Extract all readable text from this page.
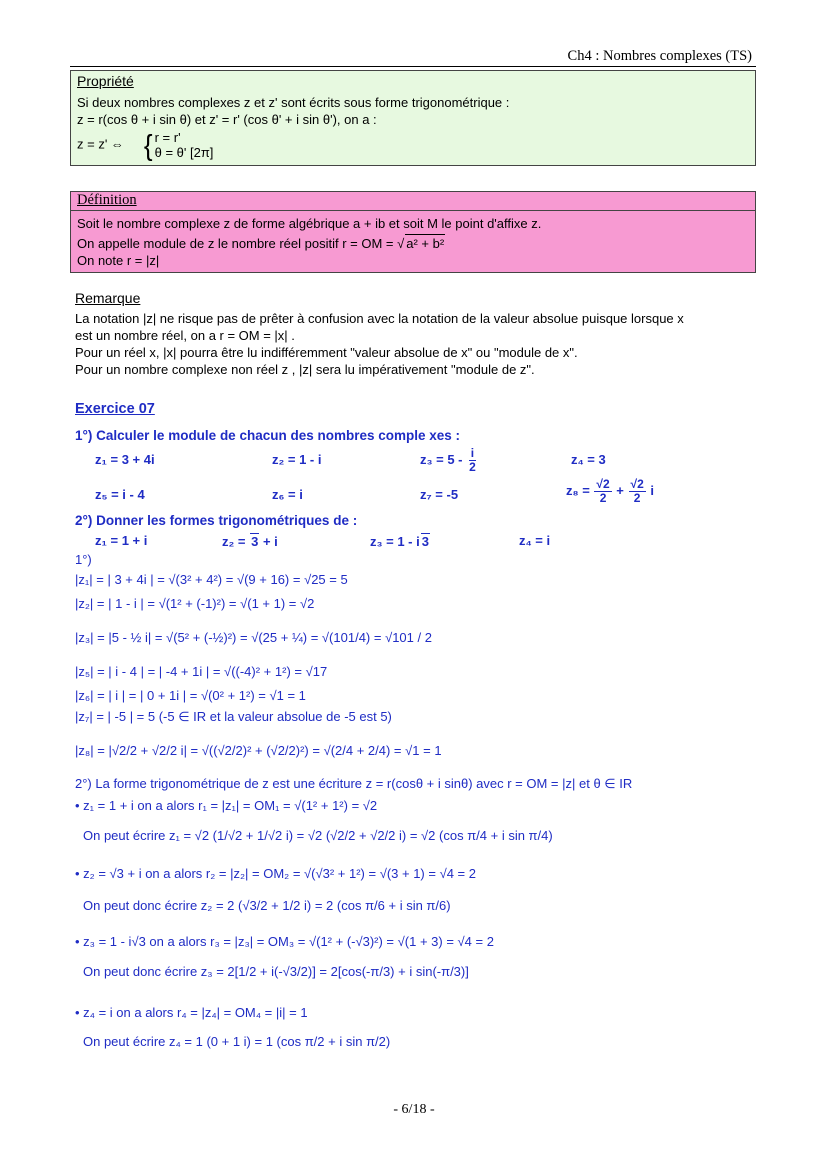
Ch4 : Nombres complexes (TS)
Propriété
Si deux nombres complexes z et z' sont écrits sous forme trigonométrique :
z = r(cos θ + i sin θ) et z' = r' (cos θ' + i sin θ'), on a :
z = z' ⇔ { r = r'
θ = θ' [2π]
Définition
Soit le nombre complexe z de forme algébrique a + ib et soit M le point d'affixe z.
On appelle module de z le nombre réel positif r = OM = √ a² + b²
On note r = |z|
Remarque
La notation |z| ne risque pas de prêter à confusion avec la notation de la valeur absolue puisque lorsque x
est un nombre réel, on a r = OM = |x| .
Pour un réel x, |x| pourra être lu indifféremment "valeur absolue de x" ou "module de x".
Pour un nombre complexe non réel z , |z| sera lu impérativement "module de z".
Exercice 07
1°) Calculer le module de chacun des nombres comple xes :
z₁ = 3 + 4i	z₂ = 1 - i	$z_3 = 5 - \frac{i}{2}$	z₄ = 3
z₅ = i - 4	z₆ = i	z₇ = -5	$z_8 = \frac{√2}{2} + \frac{√2}{2}$ i
2°) Donner les formes trigonométriques de :
z₁ = 1 + i	z₂ = 3 + i	z₃ = 1 - i 3	z₄ = i
1°)
|z₁| = | 3 + 4i | = √(3² + 4²) = √(9 + 16) = √25 = 5
|z₂| = | 1 - i | = √(1² + (-1)²) = √(1 + 1) = √2
|z₃| = |5 - ½ i| = √(5² + (-½)²) = √(25 + ¼) = √(101/4) = √101 / 2
|z₅| = | i - 4 | = | -4 + 1i | = √((-4)² + 1²) = √17
|z₆| = | i | = | 0 + 1i | = √(0² + 1²) = √1 = 1
|z₇| = | -5 | = 5 (-5 ∈ IR et la valeur absolue de -5 est 5)
|z₈| = |√2/2 + √2/2 i| = √((√2/2)² + (√2/2)²) = √(2/4 + 2/4) = √1 = 1
2°) La forme trigonométrique de z est une écriture z = r(cosθ + i sinθ) avec r = OM = |z| et θ ∈ IR
• z₁ = 1 + i on a alors r₁ = |z₁| = OM₁ = √(1² + 1²) = √2
On peut écrire z₁ = √2 (1/√2 + 1/√2 i) = √2 (√2/2 + √2/2 i) = √2 (cos π/4 + i sin π/4)
• z₂ = √3 + i on a alors r₂ = |z₂| = OM₂ = √(√3² + 1²) = √(3 + 1) = √4 = 2
On peut donc écrire z₂ = 2 (√3/2 + 1/2 i) = 2 (cos π/6 + i sin π/6)
• z₃ = 1 - i√3 on a alors r₃ = |z₃| = OM₃ = √(1² + (-√3)²) = √(1 + 3) = √4 = 2
On peut donc écrire z₃ = 2[1/2 + i(-√3/2)] = 2[cos(-π/3) + i sin(-π/3)]
• z₄ = i on a alors r₄ = |z₄| = OM₄ = |i| = 1
On peut écrire z₄ = 1 (0 + 1 i) = 1 (cos π/2 + i sin π/2)
- 6/18 -
